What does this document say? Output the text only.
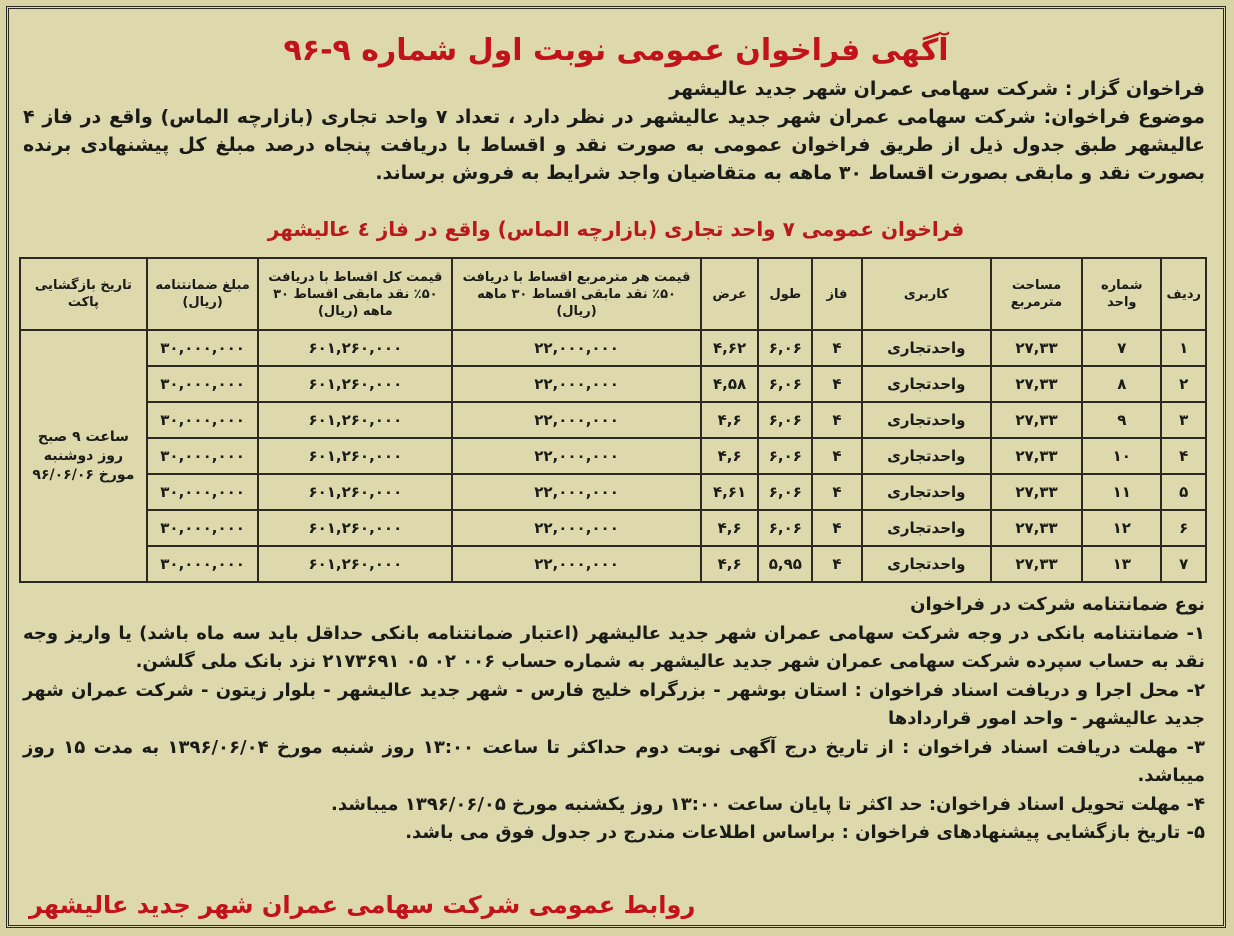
آگهی فراخوان عمومی نوبت اول شماره ۹-۹۶
فراخوان گزار : شرکت سهامی عمران شهر جدید عالیشهر
موضوع فراخوان: شرکت سهامی عمران شهر جدید عالیشهر در نظر دارد ، تعداد ۷ واحد تجاری (بازارچه الماس) واقع در فاز ۴ عالیشهر طبق جدول ذیل از طریق فراخوان عمومی به صورت نقد و اقساط با دریافت پنجاه درصد مبلغ کل پیشنهادی برنده بصورت نقد و مابقی بصورت اقساط ۳۰ ماهه به متقاضیان واجد شرایط به فروش برساند.
فراخوان عمومی ۷ واحد تجاری (بازارچه الماس) واقع در فاز ٤ عالیشهر
ردیف	شماره واحد	مساحت مترمربع	کاربری	فاز	طول	عرض	قیمت هر مترمربع اقساط با دریافت ۵۰٪ نقد مابقی اقساط ۳۰ ماهه (ریال)	قیمت کل اقساط با دریافت ۵۰٪ نقد مابقی اقساط ۳۰ ماهه (ریال)	مبلغ ضمانتنامه (ریال)	تاریخ بازگشایی پاکت
۱	۷	۲۷,۳۳	واحدتجاری	۴	۶,۰۶	۴,۶۲	۲۲,۰۰۰,۰۰۰	۶۰۱,۲۶۰,۰۰۰	۳۰,۰۰۰,۰۰۰	ساعت ۹ صبح روز دوشنبه مورخ ۹۶/۰۶/۰۶
۲	۸	۲۷,۳۳	واحدتجاری	۴	۶,۰۶	۴,۵۸	۲۲,۰۰۰,۰۰۰	۶۰۱,۲۶۰,۰۰۰	۳۰,۰۰۰,۰۰۰	
۳	۹	۲۷,۳۳	واحدتجاری	۴	۶,۰۶	۴,۶	۲۲,۰۰۰,۰۰۰	۶۰۱,۲۶۰,۰۰۰	۳۰,۰۰۰,۰۰۰	
۴	۱۰	۲۷,۳۳	واحدتجاری	۴	۶,۰۶	۴,۶	۲۲,۰۰۰,۰۰۰	۶۰۱,۲۶۰,۰۰۰	۳۰,۰۰۰,۰۰۰	
۵	۱۱	۲۷,۳۳	واحدتجاری	۴	۶,۰۶	۴,۶۱	۲۲,۰۰۰,۰۰۰	۶۰۱,۲۶۰,۰۰۰	۳۰,۰۰۰,۰۰۰	
۶	۱۲	۲۷,۳۳	واحدتجاری	۴	۶,۰۶	۴,۶	۲۲,۰۰۰,۰۰۰	۶۰۱,۲۶۰,۰۰۰	۳۰,۰۰۰,۰۰۰	
۷	۱۳	۲۷,۳۳	واحدتجاری	۴	۵,۹۵	۴,۶	۲۲,۰۰۰,۰۰۰	۶۰۱,۲۶۰,۰۰۰	۳۰,۰۰۰,۰۰۰	

نوع ضمانتنامه شرکت در فراخوان

۱- ضمانتنامه بانکی در وجه شرکت سهامی عمران شهر جدید عالیشهر (اعتبار ضمانتنامه بانکی حداقل باید سه ماه باشد) یا واریز وجه نقد به حساب سپرده شرکت سهامی عمران شهر جدید عالیشهر به شماره حساب ۰۰۶ ۰۲ ۰۵ ۲۱۷۳۶۹۱ نزد بانک ملی گلشن.

۲- محل اجرا و دریافت اسناد فراخوان : استان بوشهر - بزرگراه خلیج فارس - شهر جدید عالیشهر - بلوار زیتون - شرکت عمران شهر جدید عالیشهر - واحد امور قراردادها

۳- مهلت دریافت اسناد فراخوان : از تاریخ درج آگهی نوبت دوم حداکثر تا ساعت ۱۳:۰۰ روز شنبه مورخ ۱۳۹۶/۰۶/۰۴ به مدت ۱۵ روز میباشد.

۴- مهلت تحویل اسناد فراخوان: حد اکثر تا پایان ساعت ۱۳:۰۰ روز یکشنبه مورخ ۱۳۹۶/۰۶/۰۵ میباشد.

۵- تاریخ بازگشایی پیشنهادهای فراخوان : براساس اطلاعات مندرج در جدول فوق می باشد.

روابط عمومی شرکت سهامی عمران شهر جدید عالیشهر
